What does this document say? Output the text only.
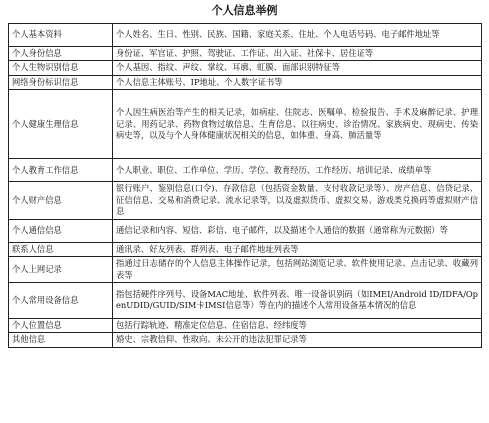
个人信息举例
个人基本资料	个人姓名、生日、性别、民族、国籍、家庭关系、住址、个人电话号码、电子邮件地址等
个人身份信息	身份证、军官证、护照、驾驶证、工作证、出入证、社保卡、居住证等
个人生物识别信息	个人基因、指纹、声纹、掌纹、耳廓、虹膜、面部识别特征等
网络身份标识信息	个人信息主体账号、IP地址、个人数字证书等
个人健康生理信息	个人因生病医治等产生的相关记录，如病症、住院志、医嘱单、检验报告、手术及麻醉记录、护理记录、用药记录、药物食物过敏信息、生育信息、以往病史、诊治情况、家族病史、现病史、传染病史等，以及与个人身体健康状况相关的信息，如体重、身高、肺活量等
个人教育工作信息	个人职业、职位、工作单位、学历、学位、教育经历、工作经历、培训记录、成绩单等
个人财产信息	银行账户、鉴别信息(口令)、存款信息（包括资金数量、支付收款记录等）、房产信息、信贷记录、征信信息、交易和消费记录、流水记录等，以及虚拟货币、虚拟交易、游戏类兑换码等虚拟财产信息
个人通信信息	通信记录和内容、短信、彩信、电子邮件，以及描述个人通信的数据（通常称为元数据）等
联系人信息	通讯录、好友列表、群列表、电子邮件地址列表等
个人上网记录	指通过日志储存的个人信息主体操作记录，包括网站浏览记录、软件使用记录、点击记录、收藏列表等
个人常用设备信息	指包括硬件序列号、设备MAC地址、软件列表、唯一设备识别码（如IMEI/Android ID/IDFA/OpenUDID/GUID/SIM卡IMSI信息等）等在内的描述个人常用设备基本情况的信息
个人位置信息	包括行踪轨迹、精准定位信息、住宿信息、经纬度等
其他信息	婚史、宗教信仰、性取向、未公开的违法犯罪记录等
